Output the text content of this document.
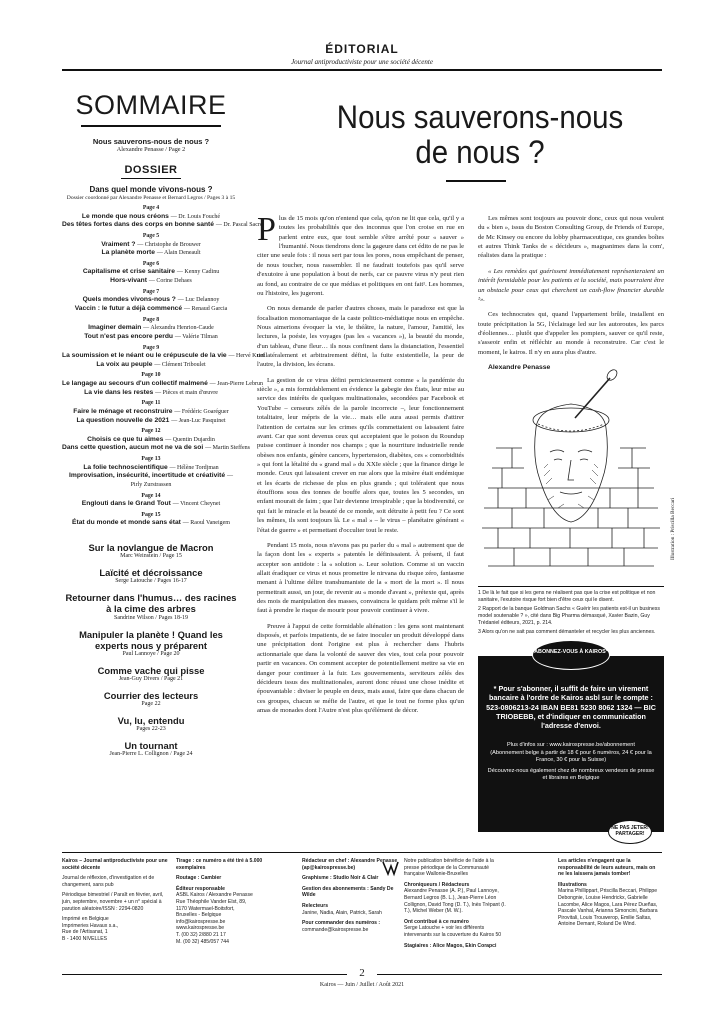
ÉDITORIAL
Journal antiproductiviste pour une société décente
SOMMAIRE
Nous sauverons-nous de nous ?
Alexandre Penasse / Page 2
DOSSIER
Dans quel monde vivons-nous ?
Dossier coordonné par Alexandre Penasse et Bernard Legros / Pages 3 à 15
Page 4
Le monde que nous créons — Dr. Louis Fouché
Des têtes fortes dans des corps en bonne santé — Dr. Pascal Sacré
Page 5
Vraiment ? — Christophe de Brouwer
La planète morte — Alain Deneault
Page 6
Capitalisme et crise sanitaire — Kenny Cadinu
Hors-vivant — Corine Dehaes
Page 7
Quels mondes vivons-nous ? — Luc Delannoy
Vaccin : le futur a déjà commencé — Renaud Garcia
Page 8
Imaginer demain — Alexandra Henrion-Caude
Tout n'est pas encore perdu — Valérie Tilman
Page 9
La soumission et le néant ou le crépuscule de la vie — Hervé Krief
La voix au peuple — Clément Triboulet
Page 10
Le langage au secours d'un collectif malmené — Jean-Pierre Lebrun
La vie dans les restes — Pièces et main d'œuvre
Page 11
Faire le ménage et reconstruire — Frédéric Goaréguer
La question nouvelle de 2021 — Jean-Luc Pasquinet
Page 12
Choisis ce que tu aimes — Quentin Dujardin
Dans cette question, aucun mot ne va de soi — Martin Steffens
Page 13
La folie technoscientifique — Hélène Tordjman
Improvisation, insécurité, incertitude et créativité —
Pirly Zurstrassen
Page 14
Englouti dans le Grand Tout — Vincent Cheynet
Page 15
État du monde et monde sans état — Raoul Vaneigem
Sur la novlangue de Macron
Marc Weinstein / Page 15
Laïcité et décroissance
Serge Latouche / Pages 16-17
Retourner dans l'humus… des racines à la cime des arbres
Sandrine Wilson / Pages 18-19
Manipuler la planète ! Quand les experts nous y préparent
Paul Lannoye / Page 20
Comme vache qui pisse
Jean-Guy Divers / Page 21
Courrier des lecteurs
Page 22
Vu, lu, entendu
Pages 22-23
Un tournant
Jean-Pierre L. Collignon / Page 24
Nous sauverons-nous
de nous ?

Plus de 15 mois qu'on n'entend que cela, qu'on ne lit que cela, qu'il y a toutes les probabilités que des inconnus que l'on croise en rue en parlent entre eux, que tout semble s'être arrêté pour « sauver » l'humanité. Nous tiendrons donc la gageure dans cet édito de ne pas le citer une seule fois : il nous sert par tous les pores, nous empêchant de penser, de nous toucher, nous rassembler. Il ne faudrait toutefois pas qu'il serve d'exutoire à une population à bout de nerfs, car ce pauvre virus n'y peut rien au fond, au contraire de ce que médias et politiques en ont fait¹. Les hommes, ou l'histoire, les jugeront.

On nous demande de parler d'autres choses, mais le paradoxe est que la focalisation monomaniaque de la caste politico-médiatique nous en empêche. Nous aimerions évoquer la vie, le théâtre, la nature, l'amour, l'amitié, les lectures, la poésie, les voyages (pas les « vacances »), la beauté du monde, d'un tableau, d'une fleur… ils nous confinent dans la distanciation, l'essentiel unilatéralement et arbitrairement défini, la fuite existentielle, la peur de l'autre, la division, les écrans.

La gestion de ce virus défini pernicieusement comme « la pandémie du siècle », a mis formidablement en évidence la gabegie des États, leur mise au service des intérêts de quelques multinationales, secondées par Facebook et YouTube – censeurs zélés de la parole incorrecte –, leur fonctionnement totalitaire, leur mépris de la vie… mais elle aura aussi permis d'attirer l'attention de certains sur les crimes qu'ils commettaient ou laissaient faire avant. Car que sont devenus ceux qui acceptaient que le poison du Roundup puisse continuer à inonder nos champs ; que la nourriture industrielle rende obèses nos enfants, génère cancers, hypertension, diabètes, ces « comorbidités » qui font la létalité du « grand mal » du XXIe siècle ; que la finance dirige le monde. Ceux qui laissaient crever en rue alors que la misère était endémique et les écarts de richesse de plus en plus grands ; qui toléraient que nous étouffions sous des tonnes de bouffe alors que, toutes les 5 secondes, un enfant mourait de faim ; que l'air devienne irrespirable ; que la biodiversité, ce qui fait le miracle et la beauté de ce monde, soit détruite à petit feu ? Ce sont les mêmes, ils sont toujours là. Le « mal » – le virus – planétaire générant « l'état de guerre » et permettant d'occulter tout le reste.

Pendant 15 mois, nous n'avons pas pu parler du « mal » autrement que de la façon dont les « experts » patentés le définissaient. À présent, il faut accepter son antidote : la « solution ». Leur solution. Comme si un vaccin allait éradiquer ce virus et nous promettre le nirvana du risque zéro, fantasme menant à l'ultime délire transhumaniste de la « mort de la mort ». Il nous permettrait aussi, un jour, de revenir au « monde d'avant », prétexte qui, après des mois de manipulation des masses, convaincra le quidam prêt même s'il le faut à prendre le risque de mourir pour pouvoir continuer à vivre.

Preuve à l'appui de cette formidable aliénation : les gens sont maintenant disposés, et parfois impatients, de se faire inoculer un produit développé dans une précipitation dont l'origine est plus à rechercher dans l'hubris actionnariale que dans la volonté de sauver des vies, tout cela pour pouvoir partir en vacances. On comment accepter de potentiellement mettre sa vie en danger pour continuer à la fuir. Les gouvernements, serviteurs zélés des décideurs issus des multinationales, auront donc réussi une chose inédite et épouvantable : diviser le peuple en deux, mais aussi, faire que dans chacun de ces groupes, chacun se méfie de l'autre, et que le tout ne forme plus qu'un amas de monades dont l'Autre n'est plus qu'élément de décor.

Les mêmes sont toujours au pouvoir donc, ceux qui nous veulent du « bien », issus du Boston Consulting Group, de Friends of Europe, de Mc Kinsey ou encore du lobby pharmaceutique, ces grandes boîtes et autres Think Tanks de « décideurs », magnanimes dans la com', réalistes dans la pratique :

« Les remèdes qui guérissent immédiatement représenteraient un intérêt formidable pour les patients et la société, mais pourraient être un obstacle pour ceux qui cherchent un cash-flow financier durable ²».

Ces technocrates qui, quand l'appartement brûle, installent en toute précipitation la 5G, l'éclairage led sur les autoroutes, les parcs d'éoliennes… plutôt que d'appeler les pompiers, sauver ce qu'il reste, s'asseoir enfin et réfléchir au monde à reconstruire. Car c'est le moment, le kairos. Il n'y en aura plus d'autre.

Alexandre Penasse
Illustration : Priscilla Beccari
1 De là le fait que si les gens ne réalisent pas que la crise est politique et non sanitaire, l'exutoire risque fort bien d'être ceux qui le disent.
2 Rapport de la banque Goldman Sachs « Guérir les patients est-il un business model soutenable ? », cité dans Big Pharma démasqué, Xavier Bazin, Guy Trédaniel éditeurs, 2021, p. 214.
3 Alors qu'on ne sait pas comment démanteler et recycler les plus anciennes.
* Pour s'abonner, il suffit de faire un virement bancaire à l'ordre de Kairos asbl sur le compte : 523-0806213-24 IBAN BE81 5230 8062 1324 — BIC TRIOBEBB, et d'indiquer en communication l'adresse d'envoi.
Plus d'infos sur : www.kairospresse.be/abonnement
(Abonnement belge à partir de 18 € pour 6 numéros, 24 € pour la France, 30 € pour la Suisse)
Découvrez-nous également chez de nombreux vendeurs de presse et libraires en Belgique
ABONNEZ-VOUS À KAIROS*
NE PAS JETER! PARTAGER!
Kairos – Journal antiproductiviste pour une société décente
Journal de réflexion, d'investigation et de changement, sans pub
Périodique bimestriel / Paraît en février, avril, juin, septembre, novembre + un n° spécial à parution aléatoire/ISSN : 2294-0820
Imprimé en Belgique
Imprimeries Havaux s.a.,
Rue de l'Artisanat, 1
B - 1400 NIVELLES
Tirage : ce numéro a été tiré à 5.000 exemplaires
Routage : Cambier
Éditeur responsable
ASBL Kairos / Alexandre Penasse
Rue Théophile Vander Elst, 89,
1170 Watermael-Boitsfort,
Bruxelles - Belgique
info@kairospresse.be
www.kairospresse.be
T. (00 32) 2/880 21 17
M. (00 32) 485/057 744
Rédacteur en chef : Alexandre Penasse (ap@kairospresse.be)
Graphisme : Studio Noir & Clair
Gestion des abonnements : Sandy De Wilde
Relecteurs
Janine, Nadia, Alain, Patrick, Sarah
Pour commander des numéros :
commande@kairospresse.be
Notre publication bénéficie de l'aide à la presse périodique de la Communauté française Wallonie-Bruxelles
Chroniqueurs / Rédacteurs
Alexandre Penasse (A. P.), Paul Lannoye, Bernard Legros (B. L.), Jean-Pierre Léon Collignon, David Tong (D. T.), Inès Trépant (I. T.), Michel Weber (M. W.).
Ont contribué à ce numéro
Serge Latouche + voir les différents intervenants sur la couverture du Kairos 50
Stagiaires : Alice Magos, Ekin Corapci
Les articles n'engagent que la responsabilité de leurs auteurs, mais on ne les laissera jamais tomber!
Illustrations
Marina Phillippart, Priscilla Beccari, Philippe Debongnie, Louise Hendrickx, Gabrielle Lacombe, Alice Magos, Lara Pérez Dueñas, Pascale Vanhal, Arianna Simoncini, Barbara Pirovitali, Louis Trouwerop, Emilie Saltas, Antoine Demant, Roland De Wind.
2
Kairos — Juin / Juillet / Août 2021
